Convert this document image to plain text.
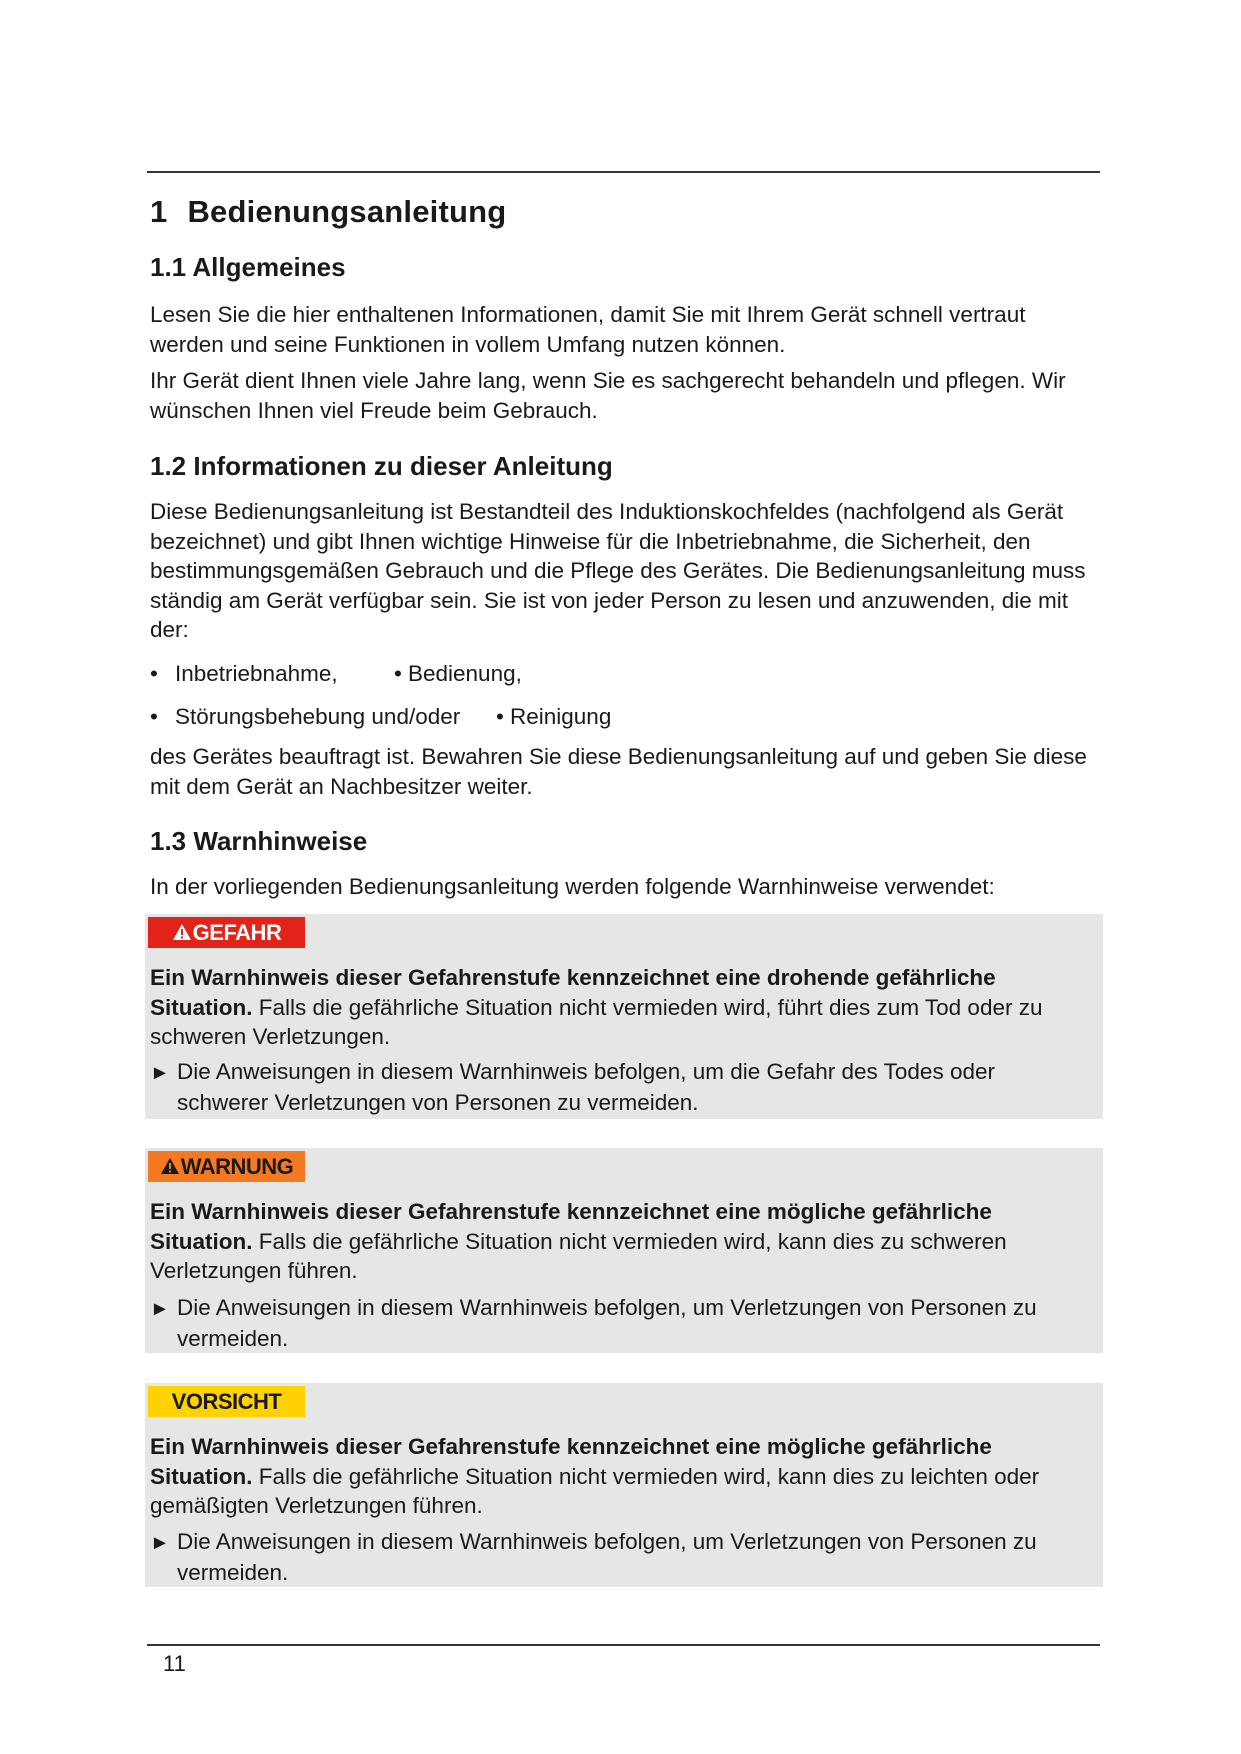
1 Bedienungsanleitung
1.1 Allgemeines

Lesen Sie die hier enthaltenen Informationen, damit Sie mit Ihrem Gerät schnell vertraut werden und seine Funktionen in vollem Umfang nutzen können.

Ihr Gerät dient Ihnen viele Jahre lang, wenn Sie es sachgerecht behandeln und pflegen. Wir wünschen Ihnen viel Freude beim Gebrauch.

1.2 Informationen zu dieser Anleitung

Diese Bedienungsanleitung ist Bestandteil des Induktionskochfeldes (nachfolgend als Gerät bezeichnet) und gibt Ihnen wichtige Hinweise für die Inbetriebnahme, die Sicherheit, den bestimmungsgemäßen Gebrauch und die Pflege des Gerätes. Die Bedienungsanleitung muss ständig am Gerät verfügbar sein. Sie ist von jeder Person zu lesen und anzuwenden, die mit der:

• Inbetriebnahme,	• Bedienung,
• Störungsbehebung und/oder • Reinigung

des Gerätes beauftragt ist. Bewahren Sie diese Bedienungsanleitung auf und geben Sie diese mit dem Gerät an Nachbesitzer weiter.

1.3 Warnhinweise

In der vorliegenden Bedienungsanleitung werden folgende Warnhinweise verwendet:

GEFAHR

Ein Warnhinweis dieser Gefahrenstufe kennzeichnet eine drohende gefährliche Situation. Falls die gefährliche Situation nicht vermieden wird, führt dies zum Tod oder zu schweren Verletzungen.

► Die Anweisungen in diesem Warnhinweis befolgen, um die Gefahr des Todes oder
schwerer Verletzungen von Personen zu vermeiden.
WARNUNG

Ein Warnhinweis dieser Gefahrenstufe kennzeichnet eine mögliche gefährliche Situation. Falls die gefährliche Situation nicht vermieden wird, kann dies zu schweren Verletzungen führen.

► Die Anweisungen in diesem Warnhinweis befolgen, um Verletzungen von Personen zu
vermeiden.
VORSICHT

Ein Warnhinweis dieser Gefahrenstufe kennzeichnet eine mögliche gefährliche Situation. Falls die gefährliche Situation nicht vermieden wird, kann dies zu leichten oder gemäßigten Verletzungen führen.

► Die Anweisungen in diesem Warnhinweis befolgen, um Verletzungen von Personen zu
vermeiden.
11
